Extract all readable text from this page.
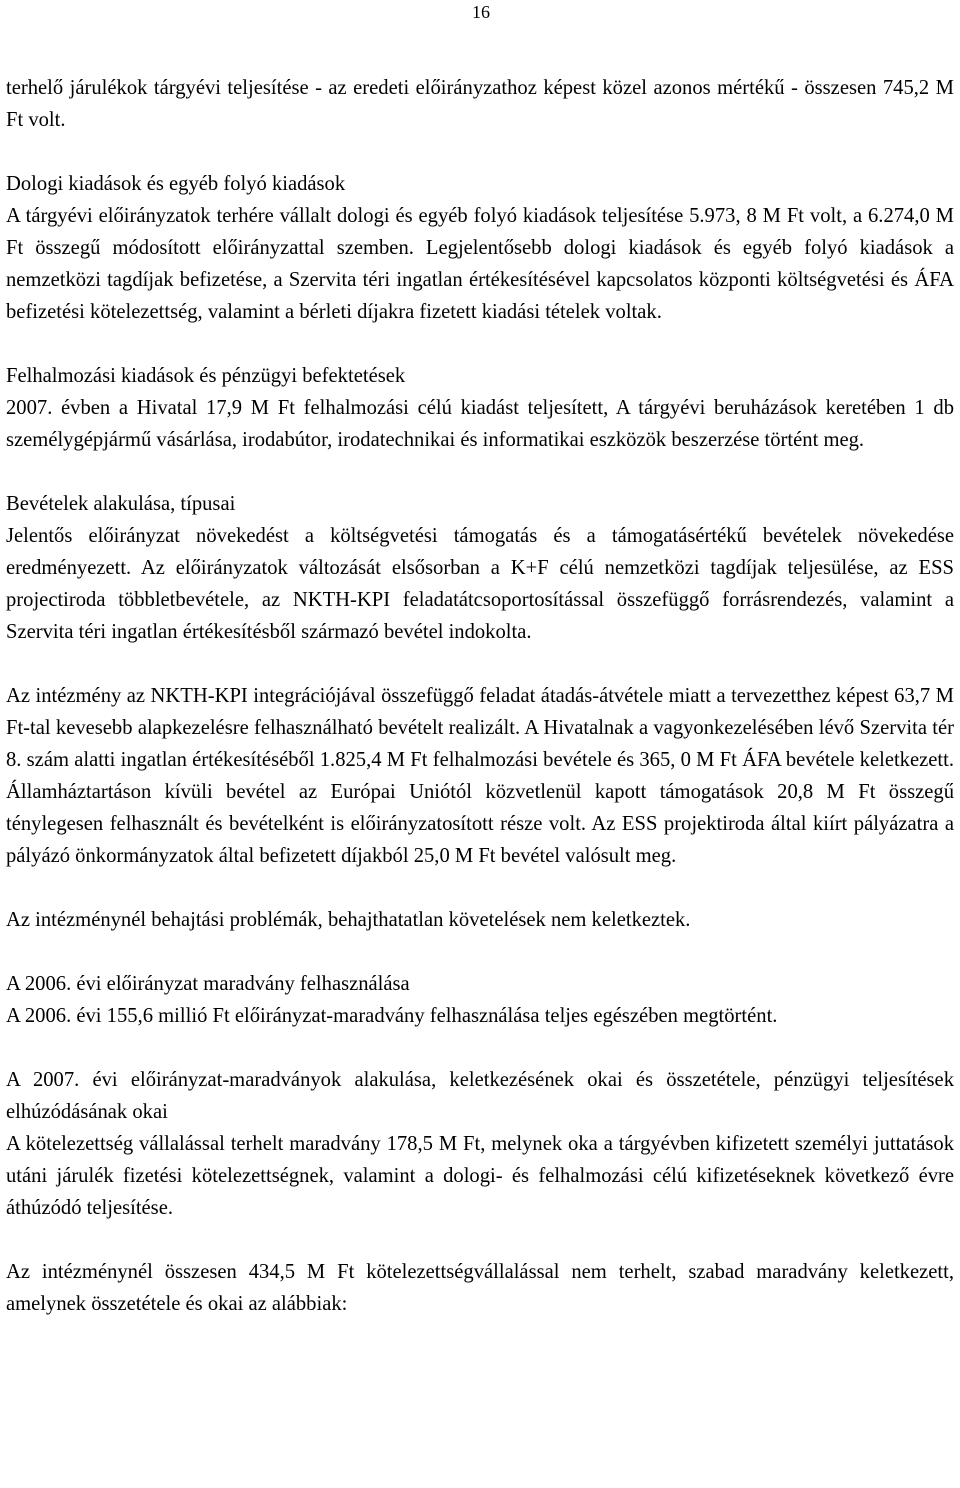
16

terhelő járulékok tárgyévi teljesítése - az eredeti előirányzathoz képest közel azonos mértékű - összesen 745,2 M Ft volt.

Dologi kiadások és egyéb folyó kiadások

A tárgyévi előirányzatok terhére vállalt dologi és egyéb folyó kiadások teljesítése 5.973, 8 M Ft volt, a 6.274,0 M Ft összegű módosított előirányzattal szemben. Legjelentősebb dologi kiadások és egyéb folyó kiadások a nemzetközi tagdíjak befizetése, a Szervita téri ingatlan értékesítésével kapcsolatos központi költségvetési és ÁFA befizetési kötelezettség, valamint a bérleti díjakra fizetett kiadási tételek voltak.

Felhalmozási kiadások és pénzügyi befektetések

2007. évben a Hivatal 17,9 M Ft felhalmozási célú kiadást teljesített, A tárgyévi beruházások keretében 1 db személygépjármű vásárlása, irodabútor, irodatechnikai és informatikai eszközök beszerzése történt meg.

Bevételek alakulása, típusai

Jelentős előirányzat növekedést a költségvetési támogatás és a támogatásértékű bevételek növekedése eredményezett. Az előirányzatok változását elsősorban a K+F célú nemzetközi tagdíjak teljesülése, az ESS projectiroda többletbevétele, az NKTH-KPI feladatátcsoportosítással összefüggő forrásrendezés, valamint a Szervita téri ingatlan értékesítésből származó bevétel indokolta.

Az intézmény az NKTH-KPI integrációjával összefüggő feladat átadás-átvétele miatt a tervezetthez képest 63,7 M Ft-tal kevesebb alapkezelésre felhasználható bevételt realizált. A Hivatalnak a vagyonkezelésében lévő Szervita tér 8. szám alatti ingatlan értékesítéséből 1.825,4 M Ft felhalmozási bevétele és 365, 0 M Ft ÁFA bevétele keletkezett. Államháztartáson kívüli bevétel az Európai Uniótól közvetlenül kapott támogatások 20,8 M Ft összegű ténylegesen felhasznált és bevételként is előirányzatosított része volt. Az ESS projektiroda által kiírt pályázatra a pályázó önkormányzatok által befizetett díjakból 25,0 M Ft bevétel valósult meg.

Az intézménynél behajtási problémák, behajthatatlan követelések nem keletkeztek.

A 2006. évi előirányzat maradvány felhasználása

A 2006. évi 155,6 millió Ft előirányzat-maradvány felhasználása teljes egészében megtörtént.

A 2007. évi előirányzat-maradványok alakulása, keletkezésének okai és összetétele, pénzügyi teljesítések elhúzódásának okai

A kötelezettség vállalással terhelt maradvány 178,5 M Ft, melynek oka a tárgyévben kifizetett személyi juttatások utáni járulék fizetési kötelezettségnek, valamint a dologi- és felhalmozási célú kifizetéseknek következő évre áthúzódó teljesítése.

Az intézménynél összesen 434,5 M Ft kötelezettségvállalással nem terhelt, szabad maradvány keletkezett, amelynek összetétele és okai az alábbiak:
